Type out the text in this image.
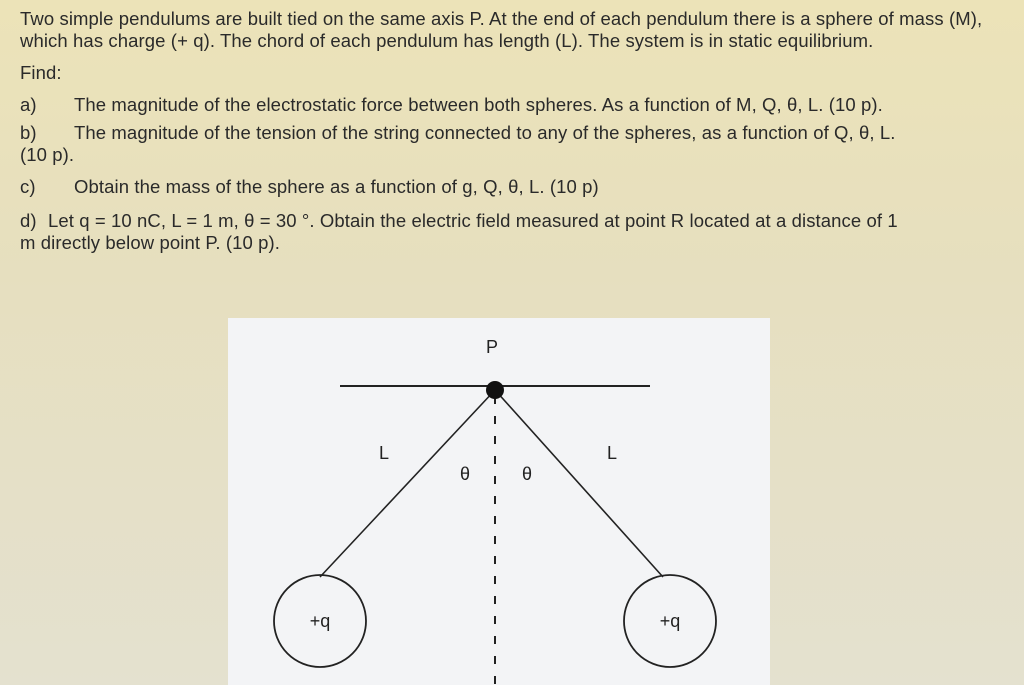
Two simple pendulums are built tied on the same axis P. At the end of each pendulum there is a sphere of mass (M), which has charge (+ q). The chord of each pendulum has length (L). The system is in static equilibrium.

Find:

a) The magnitude of the electrostatic force between both spheres. As a function of M, Q, θ, L. (10 p).
b) The magnitude of the tension of the string connected to any of the spheres, as a function of Q, θ, L.

(10 p).

c) Obtain the mass of the sphere as a function of g, Q, θ, L. (10 p)
d) Let q = 10 nC, L = 1 m, θ = 30 °. Obtain the electric field measured at point R located at a distance of 1

m directly below point P. (10 p).

P
L	L
θ	θ
+q	+q
